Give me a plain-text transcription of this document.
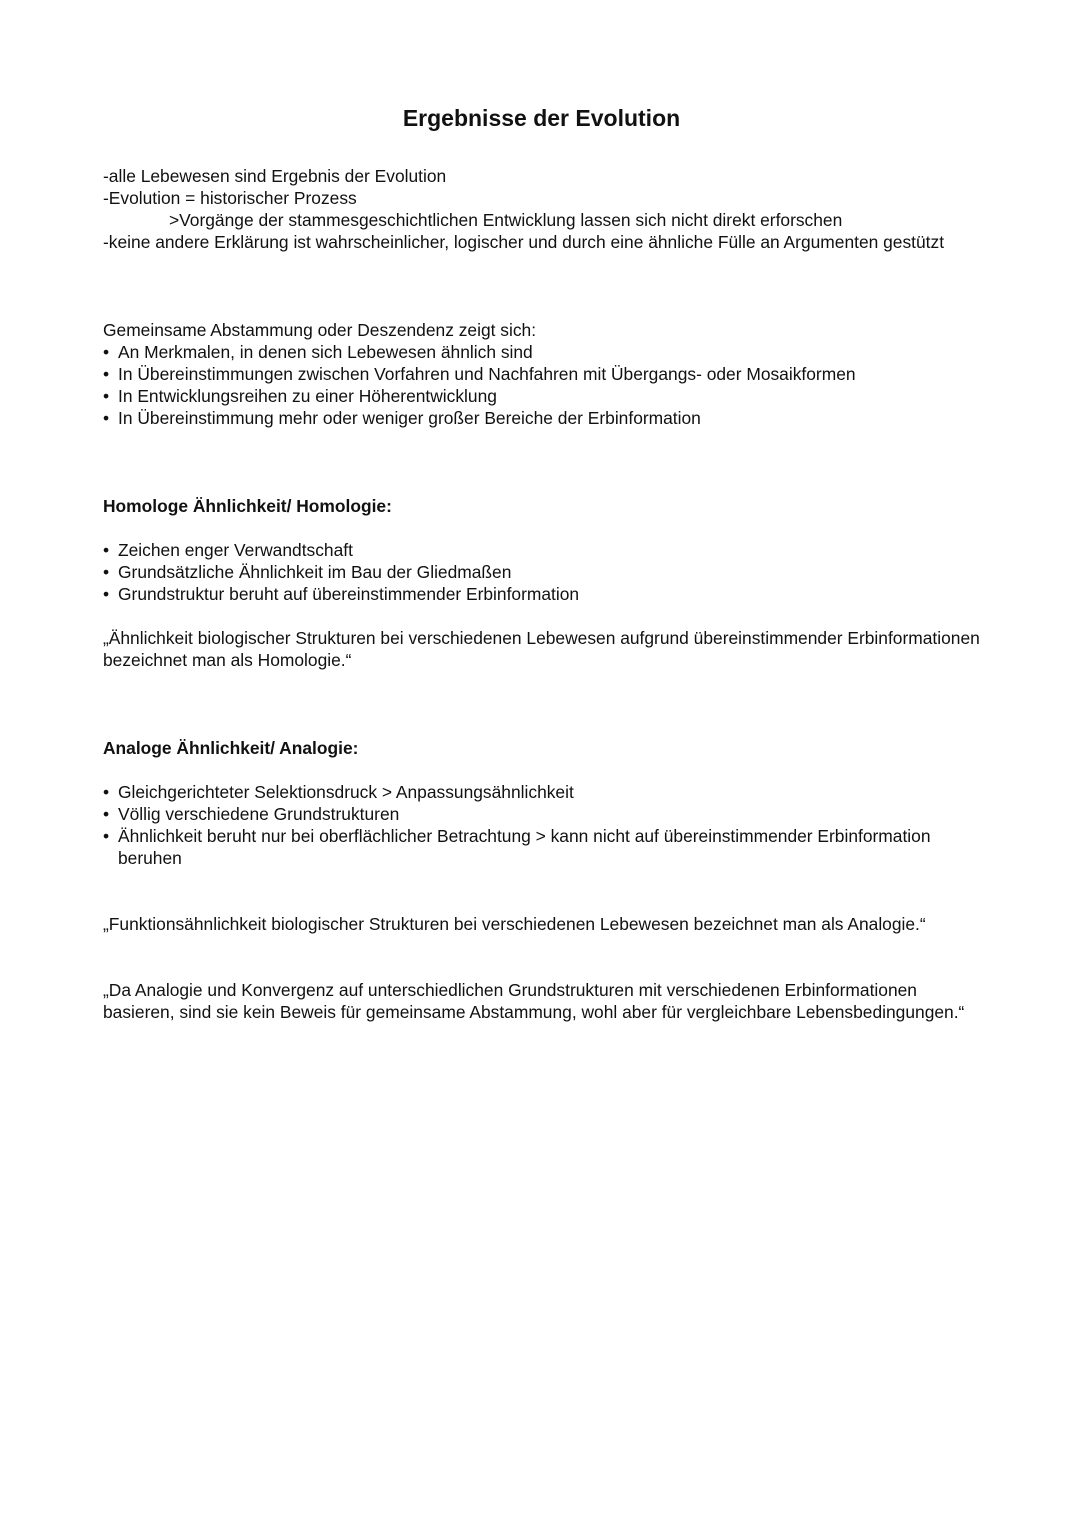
Ergebnisse der Evolution

-alle Lebewesen sind Ergebnis der Evolution

-Evolution = historischer Prozess

>Vorgänge der stammesgeschichtlichen Entwicklung lassen sich nicht direkt erforschen

-keine andere Erklärung ist wahrscheinlicher, logischer und durch eine ähnliche Fülle an Argumenten gestützt

Gemeinsame Abstammung oder Deszendenz zeigt sich:

• An Merkmalen, in denen sich Lebewesen ähnlich sind
• In Übereinstimmungen zwischen Vorfahren und Nachfahren mit Übergangs- oder Mosaikformen
• In Entwicklungsreihen zu einer Höherentwicklung
• In Übereinstimmung mehr oder weniger großer Bereiche der Erbinformation
Homologe Ähnlichkeit/ Homologie:
• Zeichen enger Verwandtschaft
• Grundsätzliche Ähnlichkeit im Bau der Gliedmaßen
• Grundstruktur beruht auf übereinstimmender Erbinformation

„Ähnlichkeit biologischer Strukturen bei verschiedenen Lebewesen aufgrund übereinstimmender Erbinformationen bezeichnet man als Homologie.“

Analoge Ähnlichkeit/ Analogie:
• Gleichgerichteter Selektionsdruck > Anpassungsähnlichkeit
• Völlig verschiedene Grundstrukturen
• Ähnlichkeit beruht nur bei oberflächlicher Betrachtung > kann nicht auf übereinstimmender Erbinformation beruhen

„Funktionsähnlichkeit biologischer Strukturen bei verschiedenen Lebewesen bezeichnet man als Analogie.“

„Da Analogie und Konvergenz auf unterschiedlichen Grundstrukturen mit verschiedenen Erbinformationen basieren, sind sie kein Beweis für gemeinsame Abstammung, wohl aber für vergleichbare Lebensbedingungen.“
